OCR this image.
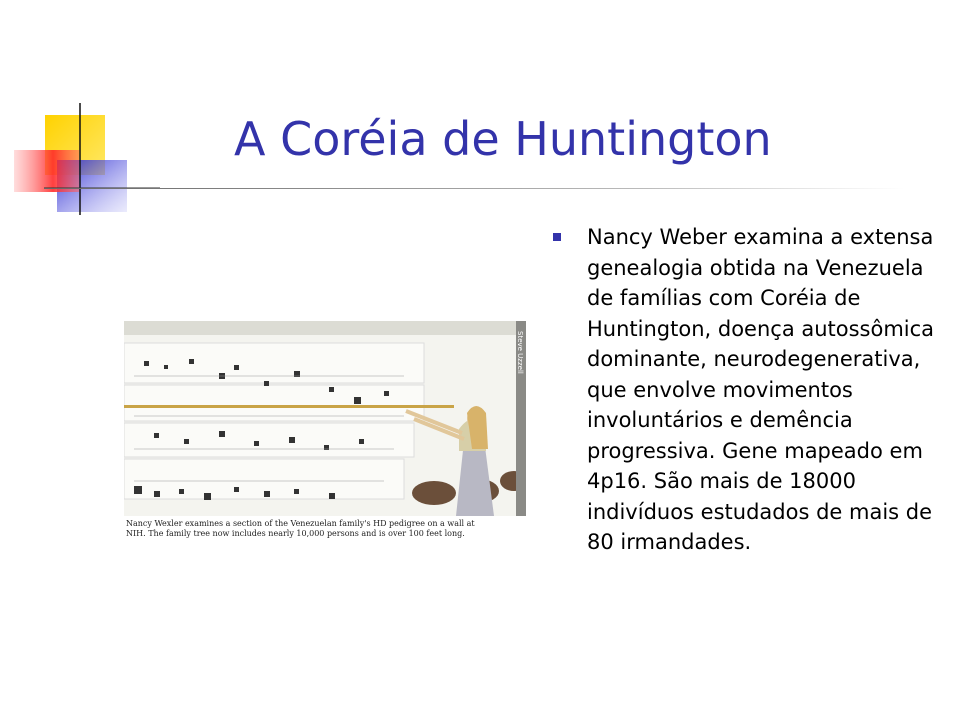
A Coréia de Huntington
Steve Uzzell
Nancy Wexler examines a section of the Venezuelan family's HD pedigree on a wall at NIH. The family tree now includes nearly 10,000 persons and is over 100 feet long.
Nancy Weber examina a extensa genealogia obtida na Venezuela de famílias com Coréia de Huntington, doença autossômica dominante, neurodegenerativa, que envolve movimentos involuntários e demência progressiva. Gene mapeado em 4p16. São mais de 18000 indivíduos estudados de mais de 80 irmandades.
